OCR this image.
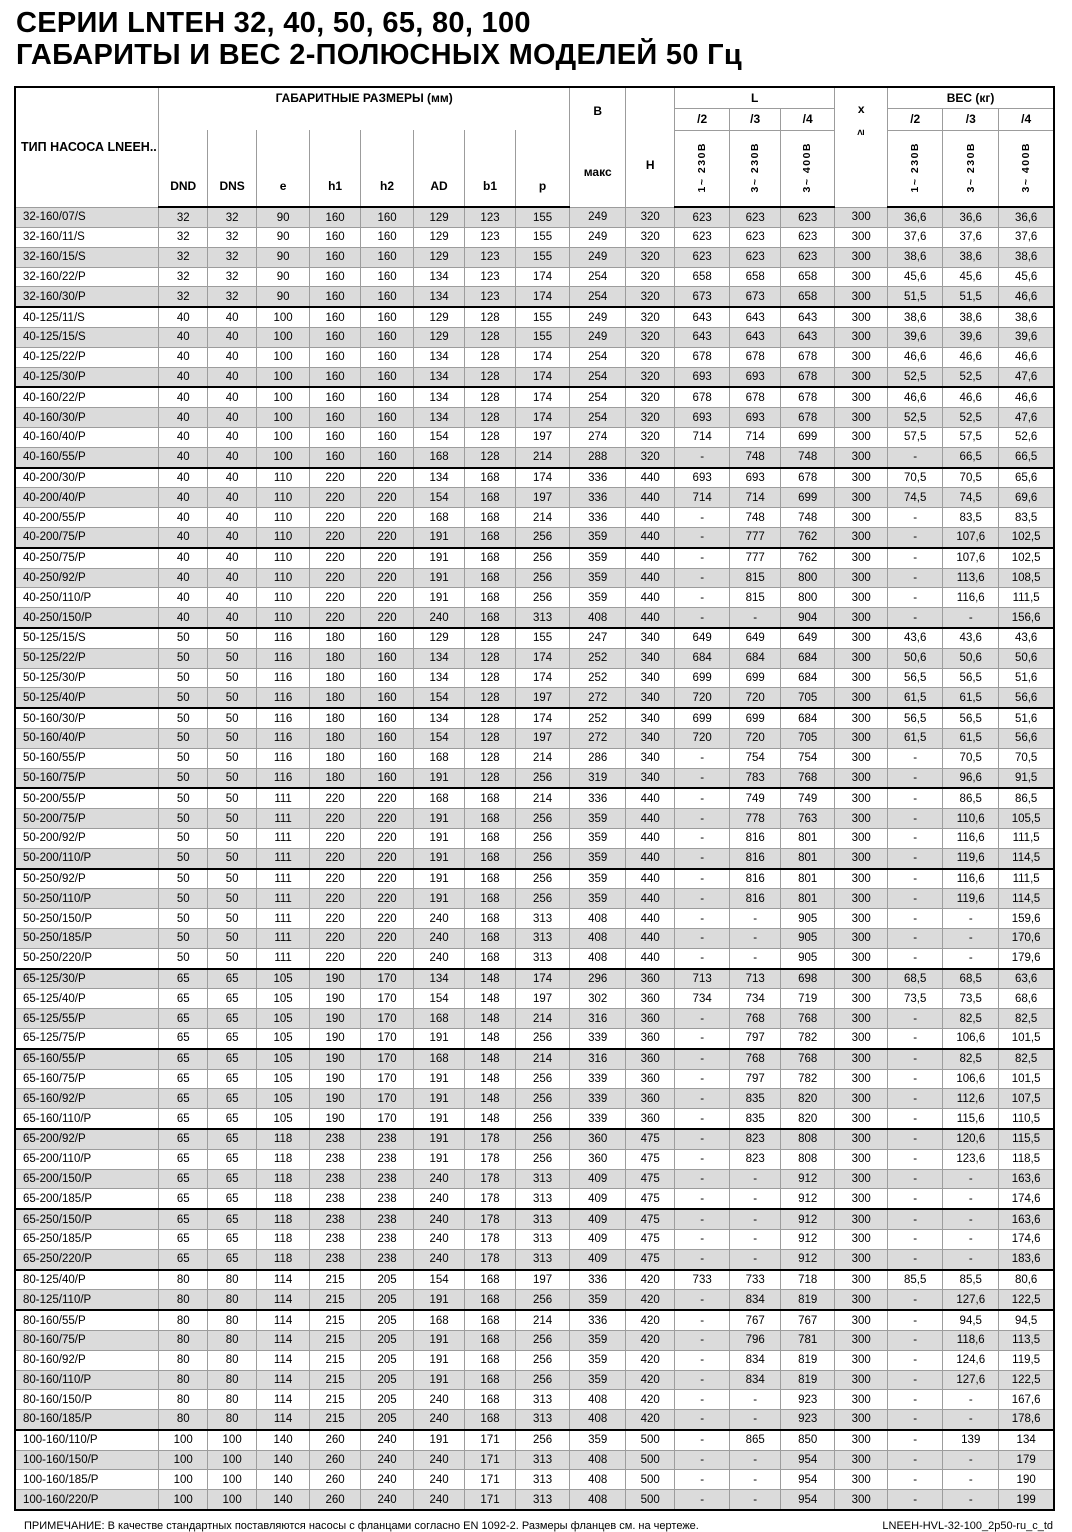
СЕРИИ LNTEH 32, 40, 50, 65, 80, 100
ГАБАРИТЫ И ВЕС 2-ПОЛЮСНЫХ МОДЕЛЕЙ 50 Гц
ТИП НАСОСА LNEEH..	ГАБАРИТНЫЕ РАЗМЕРЫ (мм)								В
макс	H	L			x
≥	ВЕС (кг)		
											/2	/3	/4		/2	/3	/4
	DND	DNS	e	h1	h2	AD	b1	p			1~ 230В	3~ 230В	3~ 400В		1~ 230В	3~ 230В	3~ 400В
32-160/07/S	32	32	90	160	160	129	123	155	249	320	623	623	623	300	36,6	36,6	36,6
32-160/11/S	32	32	90	160	160	129	123	155	249	320	623	623	623	300	37,6	37,6	37,6
32-160/15/S	32	32	90	160	160	129	123	155	249	320	623	623	623	300	38,6	38,6	38,6
32-160/22/P	32	32	90	160	160	134	123	174	254	320	658	658	658	300	45,6	45,6	45,6
32-160/30/P	32	32	90	160	160	134	123	174	254	320	673	673	658	300	51,5	51,5	46,6
40-125/11/S	40	40	100	160	160	129	128	155	249	320	643	643	643	300	38,6	38,6	38,6
40-125/15/S	40	40	100	160	160	129	128	155	249	320	643	643	643	300	39,6	39,6	39,6
40-125/22/P	40	40	100	160	160	134	128	174	254	320	678	678	678	300	46,6	46,6	46,6
40-125/30/P	40	40	100	160	160	134	128	174	254	320	693	693	678	300	52,5	52,5	47,6
40-160/22/P	40	40	100	160	160	134	128	174	254	320	678	678	678	300	46,6	46,6	46,6
40-160/30/P	40	40	100	160	160	134	128	174	254	320	693	693	678	300	52,5	52,5	47,6
40-160/40/P	40	40	100	160	160	154	128	197	274	320	714	714	699	300	57,5	57,5	52,6
40-160/55/P	40	40	100	160	160	168	128	214	288	320	-	748	748	300	-	66,5	66,5
40-200/30/P	40	40	110	220	220	134	168	174	336	440	693	693	678	300	70,5	70,5	65,6
40-200/40/P	40	40	110	220	220	154	168	197	336	440	714	714	699	300	74,5	74,5	69,6
40-200/55/P	40	40	110	220	220	168	168	214	336	440	-	748	748	300	-	83,5	83,5
40-200/75/P	40	40	110	220	220	191	168	256	359	440	-	777	762	300	-	107,6	102,5
40-250/75/P	40	40	110	220	220	191	168	256	359	440	-	777	762	300	-	107,6	102,5
40-250/92/P	40	40	110	220	220	191	168	256	359	440	-	815	800	300	-	113,6	108,5
40-250/110/P	40	40	110	220	220	191	168	256	359	440	-	815	800	300	-	116,6	111,5
40-250/150/P	40	40	110	220	220	240	168	313	408	440	-	-	904	300	-	-	156,6
50-125/15/S	50	50	116	180	160	129	128	155	247	340	649	649	649	300	43,6	43,6	43,6
50-125/22/P	50	50	116	180	160	134	128	174	252	340	684	684	684	300	50,6	50,6	50,6
50-125/30/P	50	50	116	180	160	134	128	174	252	340	699	699	684	300	56,5	56,5	51,6
50-125/40/P	50	50	116	180	160	154	128	197	272	340	720	720	705	300	61,5	61,5	56,6
50-160/30/P	50	50	116	180	160	134	128	174	252	340	699	699	684	300	56,5	56,5	51,6
50-160/40/P	50	50	116	180	160	154	128	197	272	340	720	720	705	300	61,5	61,5	56,6
50-160/55/P	50	50	116	180	160	168	128	214	286	340	-	754	754	300	-	70,5	70,5
50-160/75/P	50	50	116	180	160	191	128	256	319	340	-	783	768	300	-	96,6	91,5
50-200/55/P	50	50	111	220	220	168	168	214	336	440	-	749	749	300	-	86,5	86,5
50-200/75/P	50	50	111	220	220	191	168	256	359	440	-	778	763	300	-	110,6	105,5
50-200/92/P	50	50	111	220	220	191	168	256	359	440	-	816	801	300	-	116,6	111,5
50-200/110/P	50	50	111	220	220	191	168	256	359	440	-	816	801	300	-	119,6	114,5
50-250/92/P	50	50	111	220	220	191	168	256	359	440	-	816	801	300	-	116,6	111,5
50-250/110/P	50	50	111	220	220	191	168	256	359	440	-	816	801	300	-	119,6	114,5
50-250/150/P	50	50	111	220	220	240	168	313	408	440	-	-	905	300	-	-	159,6
50-250/185/P	50	50	111	220	220	240	168	313	408	440	-	-	905	300	-	-	170,6
50-250/220/P	50	50	111	220	220	240	168	313	408	440	-	-	905	300	-	-	179,6
65-125/30/P	65	65	105	190	170	134	148	174	296	360	713	713	698	300	68,5	68,5	63,6
65-125/40/P	65	65	105	190	170	154	148	197	302	360	734	734	719	300	73,5	73,5	68,6
65-125/55/P	65	65	105	190	170	168	148	214	316	360	-	768	768	300	-	82,5	82,5
65-125/75/P	65	65	105	190	170	191	148	256	339	360	-	797	782	300	-	106,6	101,5
65-160/55/P	65	65	105	190	170	168	148	214	316	360	-	768	768	300	-	82,5	82,5
65-160/75/P	65	65	105	190	170	191	148	256	339	360	-	797	782	300	-	106,6	101,5
65-160/92/P	65	65	105	190	170	191	148	256	339	360	-	835	820	300	-	112,6	107,5
65-160/110/P	65	65	105	190	170	191	148	256	339	360	-	835	820	300	-	115,6	110,5
65-200/92/P	65	65	118	238	238	191	178	256	360	475	-	823	808	300	-	120,6	115,5
65-200/110/P	65	65	118	238	238	191	178	256	360	475	-	823	808	300	-	123,6	118,5
65-200/150/P	65	65	118	238	238	240	178	313	409	475	-	-	912	300	-	-	163,6
65-200/185/P	65	65	118	238	238	240	178	313	409	475	-	-	912	300	-	-	174,6
65-250/150/P	65	65	118	238	238	240	178	313	409	475	-	-	912	300	-	-	163,6
65-250/185/P	65	65	118	238	238	240	178	313	409	475	-	-	912	300	-	-	174,6
65-250/220/P	65	65	118	238	238	240	178	313	409	475	-	-	912	300	-	-	183,6
80-125/40/P	80	80	114	215	205	154	168	197	336	420	733	733	718	300	85,5	85,5	80,6
80-125/110/P	80	80	114	215	205	191	168	256	359	420	-	834	819	300	-	127,6	122,5
80-160/55/P	80	80	114	215	205	168	168	214	336	420	-	767	767	300	-	94,5	94,5
80-160/75/P	80	80	114	215	205	191	168	256	359	420	-	796	781	300	-	118,6	113,5
80-160/92/P	80	80	114	215	205	191	168	256	359	420	-	834	819	300	-	124,6	119,5
80-160/110/P	80	80	114	215	205	191	168	256	359	420	-	834	819	300	-	127,6	122,5
80-160/150/P	80	80	114	215	205	240	168	313	408	420	-	-	923	300	-	-	167,6
80-160/185/P	80	80	114	215	205	240	168	313	408	420	-	-	923	300	-	-	178,6
100-160/110/P	100	100	140	260	240	191	171	256	359	500	-	865	850	300	-	139	134
100-160/150/P	100	100	140	260	240	240	171	313	408	500	-	-	954	300	-	-	179
100-160/185/P	100	100	140	260	240	240	171	313	408	500	-	-	954	300	-	-	190
100-160/220/P	100	100	140	260	240	240	171	313	408	500	-	-	954	300	-	-	199
ПРИМЕЧАНИЕ: В качестве стандартных поставляются насосы с фланцами согласно EN 1092-2. Размеры фланцев см. на чертеже.	LNEEH-HVL-32-100_2p50-ru_c_td
